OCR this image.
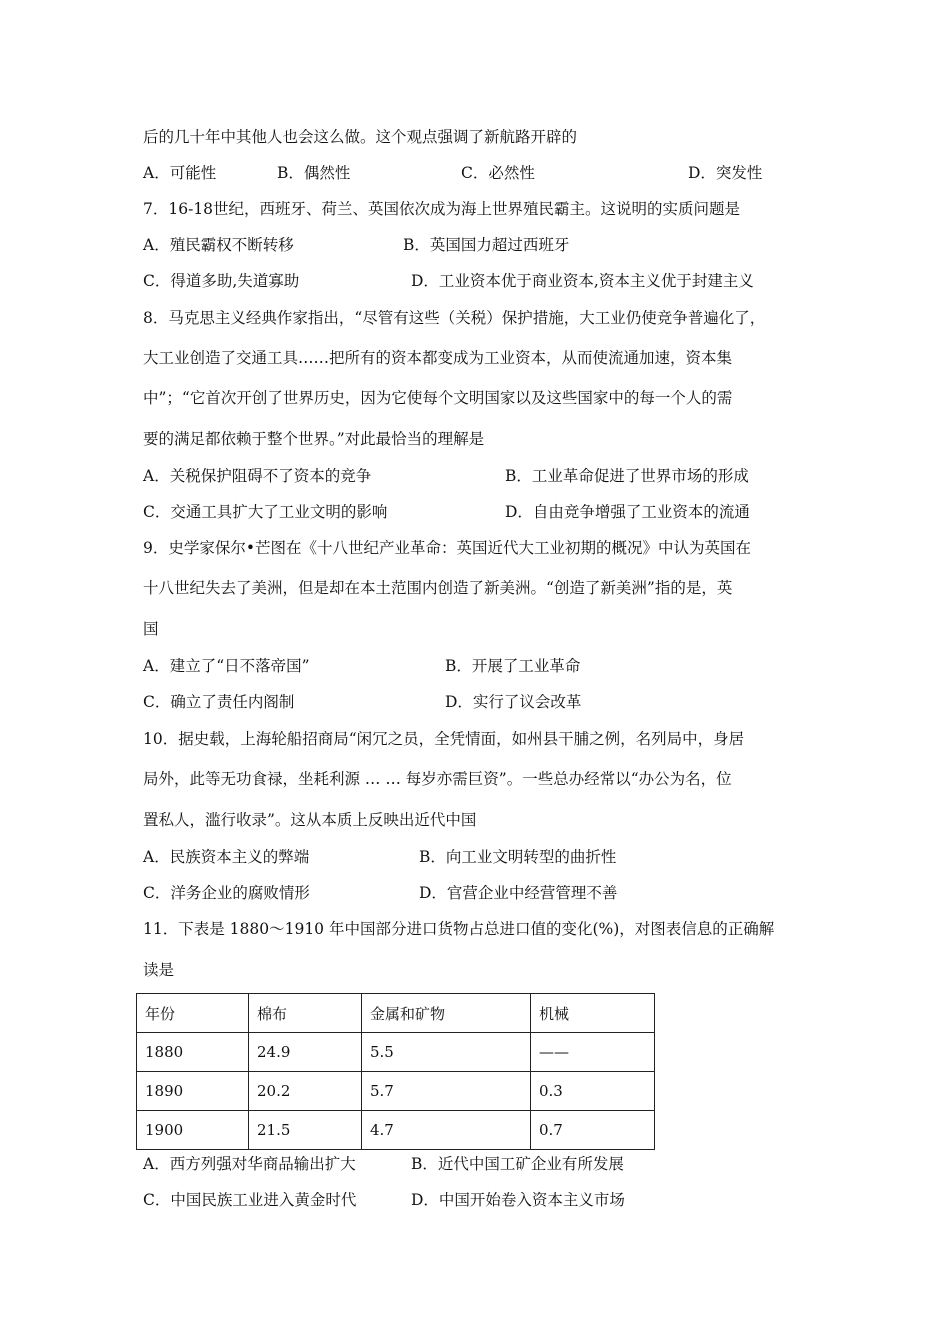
后的几十年中其他人也会这么做。这个观点强调了新航路开辟的
A．可能性	B．偶然性	C．必然性	D．突发性
7．16-18世纪，西班牙、荷兰、英国依次成为海上世界殖民霸主。这说明的实质问题是
A．殖民霸权不断转移	B．英国国力超过西班牙
C．得道多助,失道寡助	D．工业资本优于商业资本,资本主义优于封建主义
8．马克思主义经典作家指出，“尽管有这些（关税）保护措施，大工业仍使竞争普遍化了，
大工业创造了交通工具……把所有的资本都变成为工业资本，从而使流通加速，资本集
中”；“它首次开创了世界历史，因为它使每个文明国家以及这些国家中的每一个人的需
要的满足都依赖于整个世界。”对此最恰当的理解是
A．关税保护阻碍不了资本的竞争	B．工业革命促进了世界市场的形成
C．交通工具扩大了工业文明的影响	D．自由竞争增强了工业资本的流通
9．史学家保尔•芒图在《十八世纪产业革命：英国近代大工业初期的概况》中认为英国在
十八世纪失去了美洲，但是却在本土范围内创造了新美洲。“创造了新美洲”指的是，英
国
A．建立了“日不落帝国”	B．开展了工业革命
C．确立了责任内阁制	D．实行了议会改革
10．据史载，上海轮船招商局“闲冗之员，全凭情面，如州县干脯之例，名列局中，身居
局外，此等无功食禄，坐耗利源 … … 每岁亦需巨资”。一些总办经常以“办公为名，位
置私人，滥行收录”。这从本质上反映出近代中国
A．民族资本主义的弊端	B．向工业文明转型的曲折性
C．洋务企业的腐败情形	D．官营企业中经营管理不善
11．下表是 1880～1910 年中国部分进口货物占总进口值的变化(%)，对图表信息的正确解
读是
年份	棉布	金属和矿物	机械
1880	24.9	5.5	——
1890	20.2	5.7	0.3
1900	21.5	4.7	0.7
A．西方列强对华商品输出扩大	B．近代中国工矿企业有所发展
C．中国民族工业进入黄金时代	D．中国开始卷入资本主义市场
